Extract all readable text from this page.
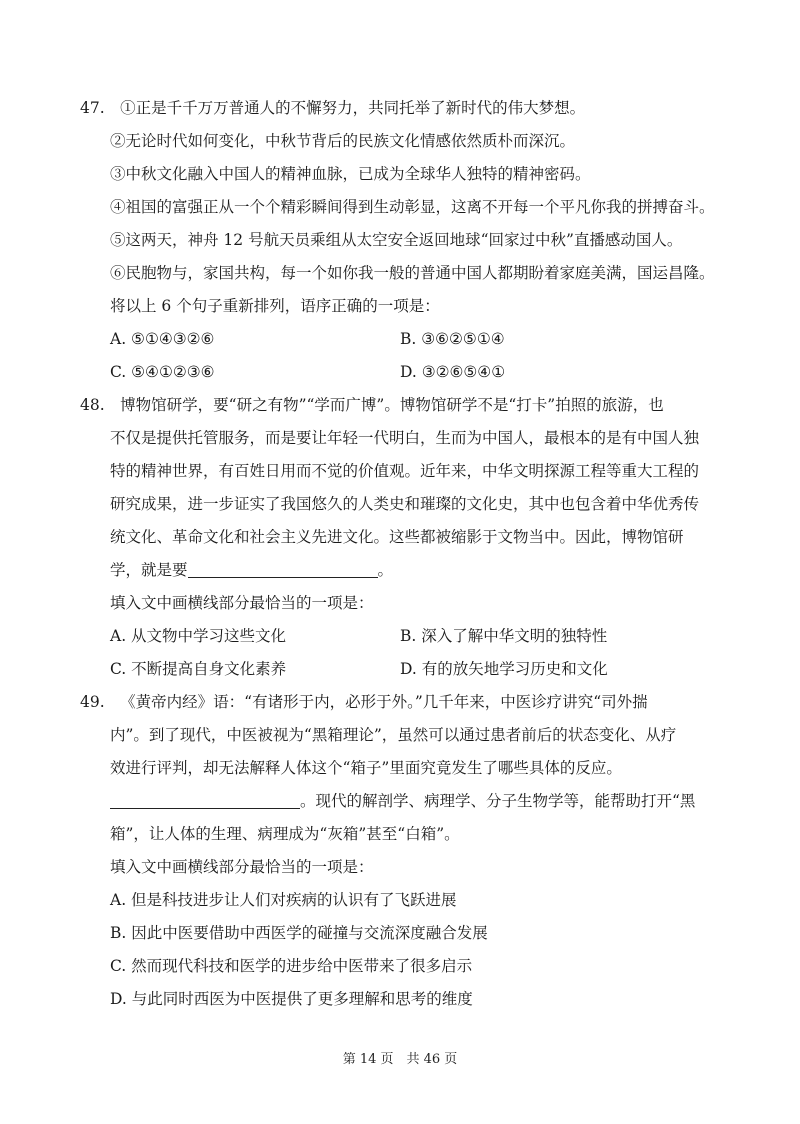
47.  ①正是千千万万普通人的不懈努力，共同托举了新时代的伟大梦想。
②无论时代如何变化，中秋节背后的民族文化情感依然质朴而深沉。
③中秋文化融入中国人的精神血脉，已成为全球华人独特的精神密码。
④祖国的富强正从一个个精彩瞬间得到生动彰显，这离不开每一个平凡你我的拼搏奋斗。
⑤这两天，神舟 12 号航天员乘组从太空安全返回地球“回家过中秋”直播感动国人。
⑥民胞物与，家国共构，每一个如你我一般的普通中国人都期盼着家庭美满，国运昌隆。
将以上 6 个句子重新排列，语序正确的一项是：
A. ⑤①④③②⑥	B. ③⑥②⑤①④
C. ⑤④①②③⑥	D. ③②⑥⑤④①
48.  博物馆研学，要“研之有物”“学而广博”。博物馆研学不是“打卡”拍照的旅游，也
不仅是提供托管服务，而是要让年轻一代明白，生而为中国人，最根本的是有中国人独
特的精神世界，有百姓日用而不觉的价值观。近年来，中华文明探源工程等重大工程的
研究成果，进一步证实了我国悠久的人类史和璀璨的文化史，其中也包含着中华优秀传
统文化、革命文化和社会主义先进文化。这些都被缩影于文物当中。因此，博物馆研
学，就是要	。
填入文中画横线部分最恰当的一项是：
A. 从文物中学习这些文化	B. 深入了解中华文明的独特性
C. 不断提高自身文化素养	D. 有的放矢地学习历史和文化
49.  《黄帝内经》语：“有诸形于内，必形于外。”几千年来，中医诊疗讲究“司外揣
内”。到了现代，中医被视为“黑箱理论”，虽然可以通过患者前后的状态变化、从疗
效进行评判，却无法解释人体这个“箱子”里面究竟发生了哪些具体的反应。
。现代的解剖学、病理学、分子生物学等，能帮助打开“黑
箱”，让人体的生理、病理成为“灰箱”甚至“白箱”。
填入文中画横线部分最恰当的一项是：
A. 但是科技进步让人们对疾病的认识有了飞跃进展
B. 因此中医要借助中西医学的碰撞与交流深度融合发展
C. 然而现代科技和医学的进步给中医带来了很多启示
D. 与此同时西医为中医提供了更多理解和思考的维度
第 14 页　共 46 页
